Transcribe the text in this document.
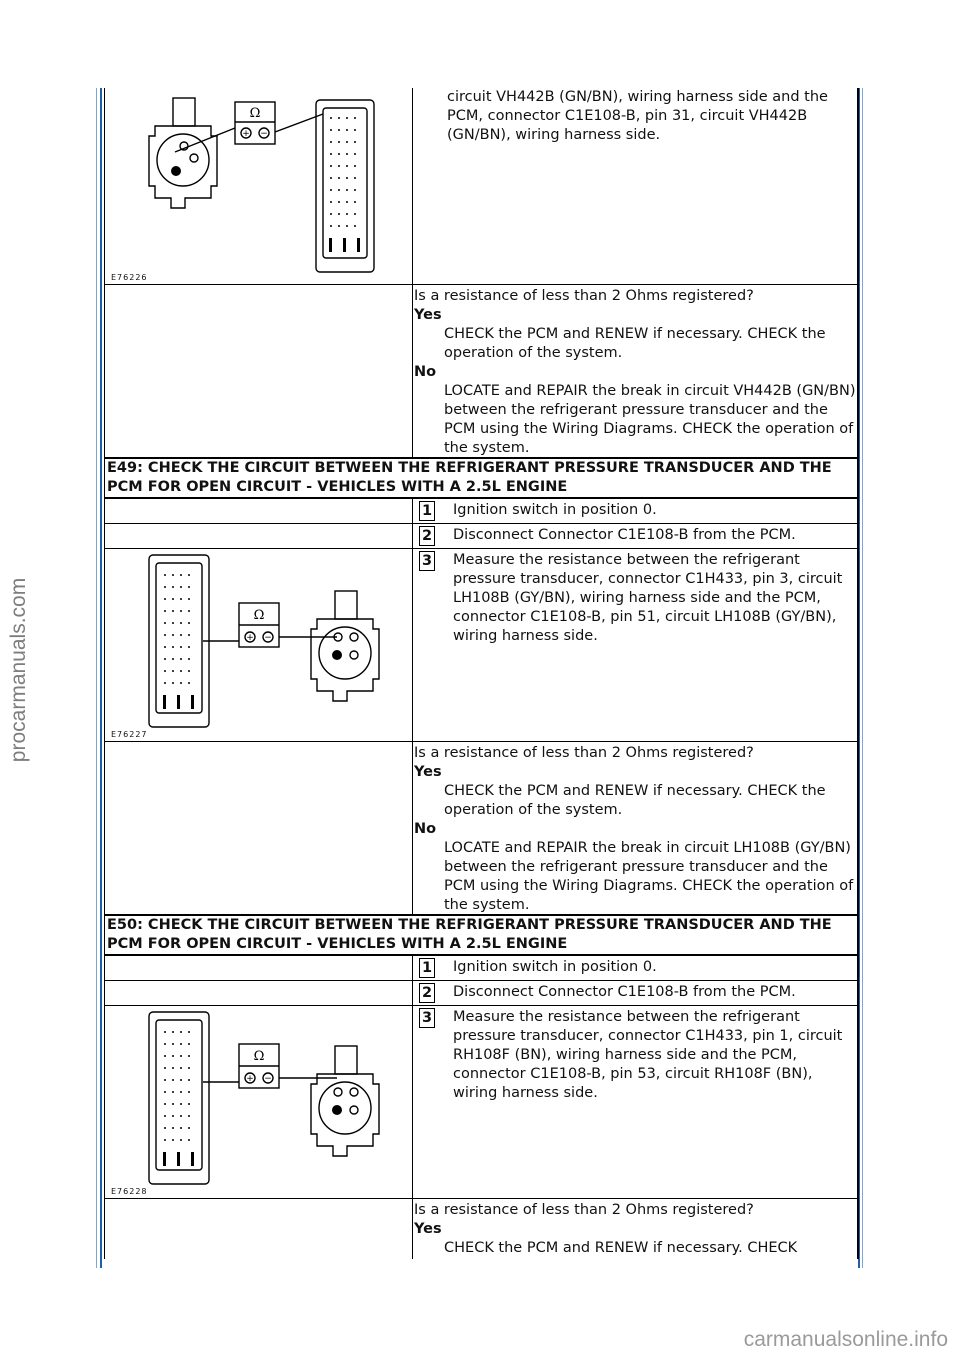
procarmanuals.com
Ω
+ −
E76226
circuit VH442B (GN/BN), wiring harness side and the PCM, connector C1E108-B, pin 31, circuit VH442B (GN/BN), wiring harness side.
Is a resistance of less than 2 Ohms registered?
Yes
CHECK the PCM and RENEW if necessary. CHECK the operation of the system.
No
LOCATE and REPAIR the break in circuit VH442B (GN/BN) between the refrigerant pressure transducer and the PCM using the Wiring Diagrams. CHECK the operation of the system.
E49: CHECK THE CIRCUIT BETWEEN THE REFRIGERANT PRESSURE TRANSDUCER AND THE PCM FOR OPEN CIRCUIT - VEHICLES WITH A 2.5L ENGINE
1 Ignition switch in position 0.
2 Disconnect Connector C1E108-B from the PCM.
Ω
+ −
E76227
3 Measure the resistance between the refrigerant pressure transducer, connector C1H433, pin 3, circuit LH108B (GY/BN), wiring harness side and the PCM, connector C1E108-B, pin 51, circuit LH108B (GY/BN), wiring harness side.
Is a resistance of less than 2 Ohms registered?
Yes
CHECK the PCM and RENEW if necessary. CHECK the operation of the system.
No
LOCATE and REPAIR the break in circuit LH108B (GY/BN) between the refrigerant pressure transducer and the PCM using the Wiring Diagrams. CHECK the operation of the system.
E50: CHECK THE CIRCUIT BETWEEN THE REFRIGERANT PRESSURE TRANSDUCER AND THE PCM FOR OPEN CIRCUIT - VEHICLES WITH A 2.5L ENGINE
1 Ignition switch in position 0.
2 Disconnect Connector C1E108-B from the PCM.
Ω
+ −
E76228
3 Measure the resistance between the refrigerant pressure transducer, connector C1H433, pin 1, circuit RH108F (BN), wiring harness side and the PCM, connector C1E108-B, pin 53, circuit RH108F (BN), wiring harness side.
Is a resistance of less than 2 Ohms registered?
Yes
CHECK the PCM and RENEW if necessary. CHECK
carmanualsonline.info
